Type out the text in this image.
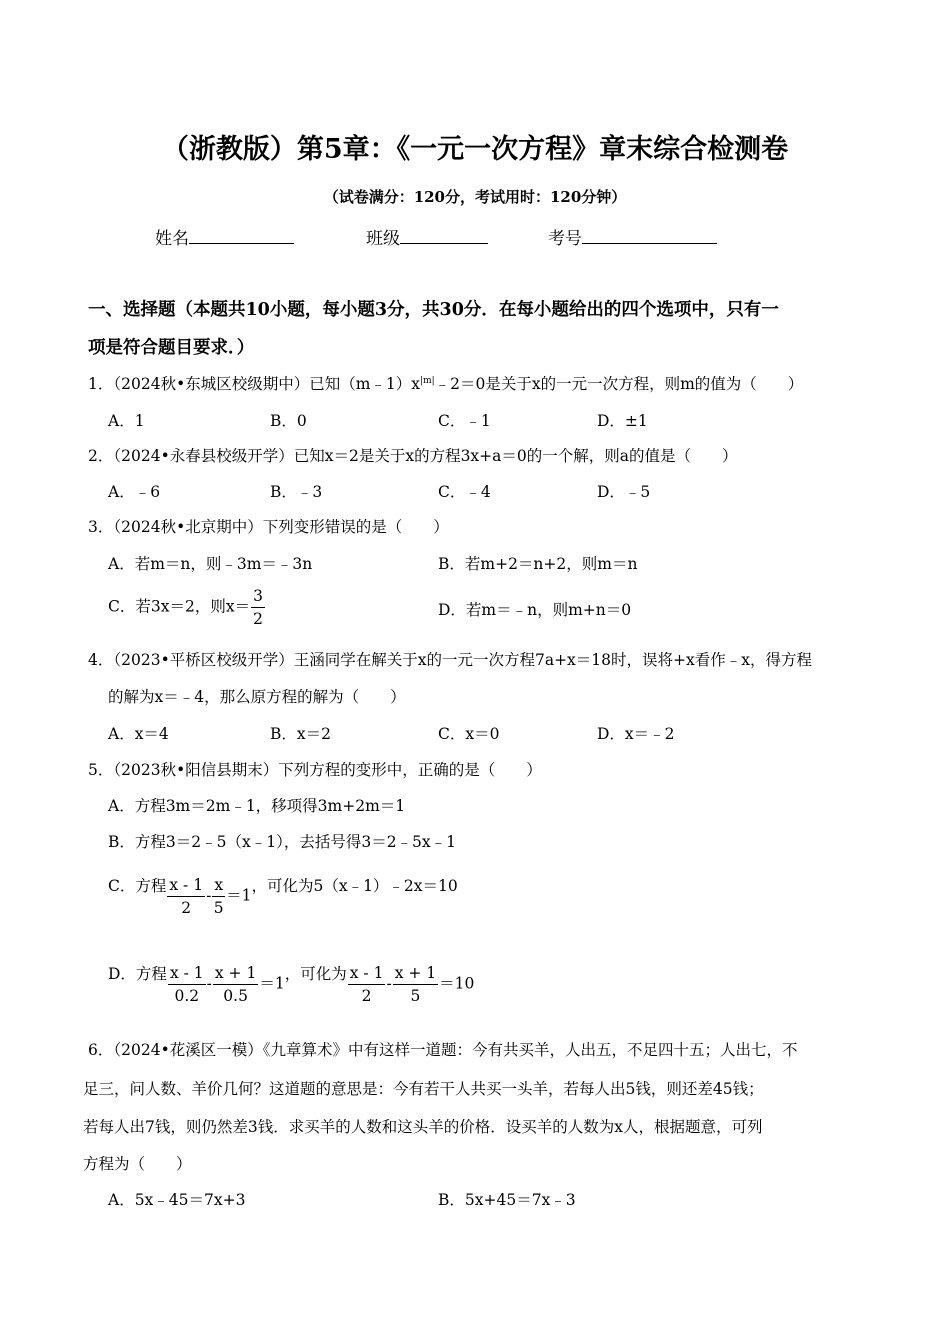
（浙教版）第5章：《一元一次方程》章末综合检测卷
（试卷满分：120分，考试用时：120分钟）
姓名	班级	考号
一、选择题（本题共10小题，每小题3分，共30分．在每小题给出的四个选项中，只有一
项是符合题目要求．）
1．（2024秋•东城区校级期中）已知$(m﹣1)x^{|m|}﹣2=0$是关于x的一元一次方程，则m的值为（　　）
A．1	B．0	C．﹣1	D．±1
2．（2024•永春县校级开学）已知x＝2是关于x的方程3x+a＝0的一个解，则a的值是（　　）
A．﹣6	B．﹣3	C．﹣4	D．﹣5
3．（2024秋•北京期中）下列变形错误的是（　　）
A．若m＝n，则﹣3m＝﹣3n	B．若m+2＝n+2，则m＝n
C．若3x＝2，则$x= \frac{3}{2}$	D．若m＝﹣n，则m+n＝0
4．（2023•平桥区校级开学）王涵同学在解关于x的一元一次方程7a+x＝18时，误将+x看作﹣x，得方程
的解为x＝﹣4，那么原方程的解为（　　）
A．x＝4	B．x＝2	C．x＝0	D．x＝﹣2
5．（2023秋•阳信县期末）下列方程的变形中，正确的是（　　）
A．方程3m＝2m﹣1，移项得3m+2m＝1
B．方程3＝2﹣5（x﹣1），去括号得3＝2﹣5x﹣1
C．方程 $\frac{x - 1}{2} - \frac{x}{5} =1$，可化为5（x﹣1）﹣2x＝10
D．方程 $\frac{x - 1}{0.2} - \frac{x + 1}{0.5} =1$，可化为 $\frac{x - 1}{2} - \frac{x + 1}{5} =10$
6．（2024•花溪区一模）《九章算术》中有这样一道题：今有共买羊，人出五，不足四十五；人出七，不
足三，问人数、羊价几何？这道题的意思是：今有若干人共买一头羊，若每人出5钱，则还差45钱；
若每人出7钱，则仍然差3钱．求买羊的人数和这头羊的价格．设买羊的人数为x人，根据题意，可列
方程为（　　）
A．5x﹣45＝7x+3	B．5x+45＝7x﹣3
